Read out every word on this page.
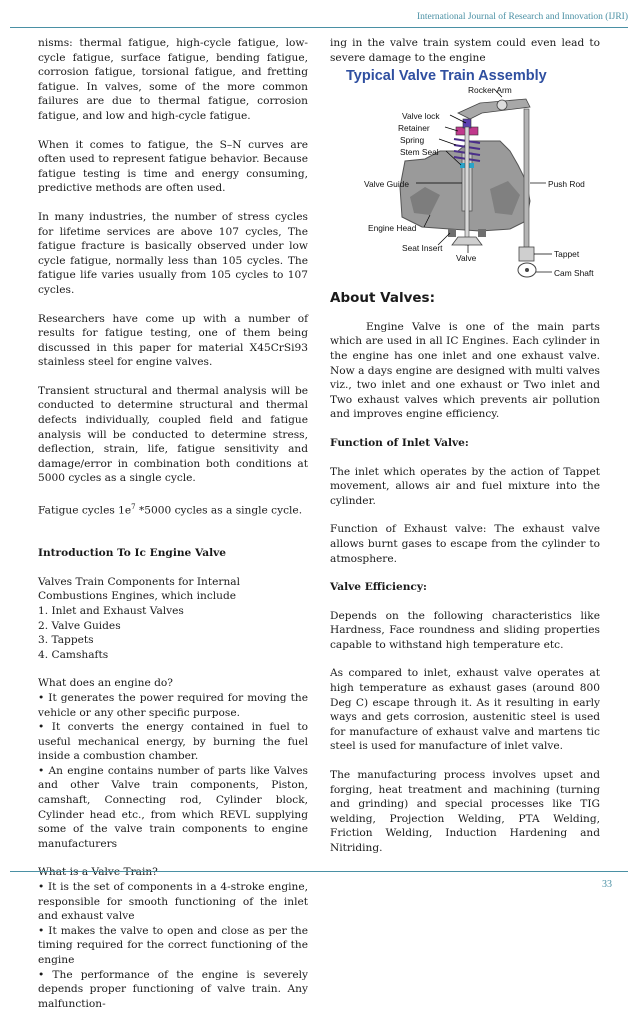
International Journal of Research and Innovation (IJRI)

nisms: thermal fatigue, high-cycle fatigue, low-cycle fatigue, surface fatigue, bending fatigue, corrosion fatigue, torsional fatigue, and fretting fatigue. In valves, some of the more common failures are due to thermal fatigue, corrosion fatigue, and low and high-cycle fatigue.

When it comes to fatigue, the S–N curves are often used to represent fatigue behavior. Because fatigue testing is time and energy consuming, predictive methods are often used.

In many industries, the number of stress cycles for lifetime services are above 107 cycles, The fatigue fracture is basically observed under low cycle fatigue, normally less than 105 cycles. The fatigue life varies usually from 105 cycles to 107 cycles.

Researchers have come up with a number of results for fatigue testing, one of them being discussed in this paper for material X45CrSi93 stainless steel for engine valves.

Transient structural and thermal analysis will be conducted to determine structural and thermal defects individually, coupled field and fatigue analysis will be conducted to determine stress, deflection, strain, life, fatigue sensitivity and damage/error in combination both conditions at 5000 cycles as a single cycle.

Fatigue cycles $1e^7$ *5000 cycles as a single cycle.

Introduction To Ic Engine Valve

Valves Train Components for Internal Combustions Engines, which include

1. Inlet and Exhaust Valves

2. Valve Guides

3. Tappets

4. Camshafts

What does an engine do?

• It generates the power required for moving the vehicle or any other specific purpose.

• It converts the energy contained in fuel to useful mechanical energy, by burning the fuel inside a combustion chamber.

• An engine contains number of parts like Valves and other Valve train components, Piston, camshaft, Connecting rod, Cylinder block, Cylinder head etc., from which REVL supplying some of the valve train components to engine manufacturers

What is a Valve Train?

• It is the set of components in a 4-stroke engine, responsible for smooth functioning of the inlet and exhaust valve

• It makes the valve to open and close as per the timing required for the correct functioning of the engine

• The performance of the engine is severely depends proper functioning of valve train. Any malfunction-

ing in the valve train system could even lead to severe damage to the engine

Typical Valve Train Assembly
Rocker Arm
Valve lock
Retainer
Spring
Stem Seal
Valve Guide	Push Rod
Engine Head
Seat Insert
Valve	Tappet
Cam Shaft

About Valves:

Engine Valve is one of the main parts which are used in all IC Engines. Each cylinder in the engine has one inlet and one exhaust valve. Now a days engine are designed with multi valves viz., two inlet and one exhaust or Two inlet and Two exhaust valves which prevents air pollution and improves engine efficiency.

Function of Inlet Valve:

The inlet which operates by the action of Tappet movement, allows air and fuel mixture into the cylinder.

Function of Exhaust valve: The exhaust valve allows burnt gases to escape from the cylinder to atmosphere.

Valve Efficiency:

Depends on the following characteristics like Hardness, Face roundness and sliding properties capable to withstand high temperature etc.

As compared to inlet, exhaust valve operates at high temperature as exhaust gases (around 800 Deg C) escape through it. As it resulting in early ways and gets corrosion, austenitic steel is used for manufacture of exhaust valve and martens tic steel is used for manufacture of inlet valve.

The manufacturing process involves upset and forging, heat treatment and machining (turning and grinding) and special processes like TIG welding, Projection Welding, PTA Welding, Friction Welding, Induction Hardening and Nitriding.

33
